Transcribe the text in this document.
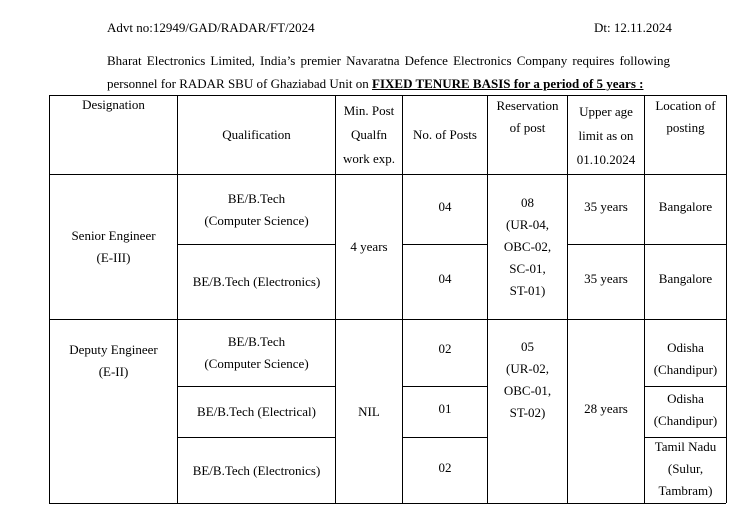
Advt no:12949/GAD/RADAR/FT/2024	Dt: 12.11.2024
Bharat Electronics Limited, India’s premier Navaratna Defence Electronics Company requires following
personnel for RADAR SBU of Ghaziabad Unit on FIXED TENURE BASIS for a period of 5 years :
Designation
Qualification
Min. Post
Qualfn
work exp.
No. of Posts
Reservation
of post
Upper age
limit as on
01.10.2024
Location of
posting
Senior Engineer
(E-III)
BE/B.Tech
(Computer Science)
BE/B.Tech (Electronics)
4 years
04
04
08
(UR-04,
OBC-02,
SC-01,
ST-01)
35 years
35 years
Bangalore
Bangalore
Deputy Engineer
(E-II)
BE/B.Tech
(Computer Science)
BE/B.Tech (Electrical)
BE/B.Tech (Electronics)
NIL
02
01
02
05
(UR-02,
OBC-01,
ST-02)	28 years
Odisha
(Chandipur)
Odisha
(Chandipur)
Tamil Nadu
(Sulur,
Tambram)
